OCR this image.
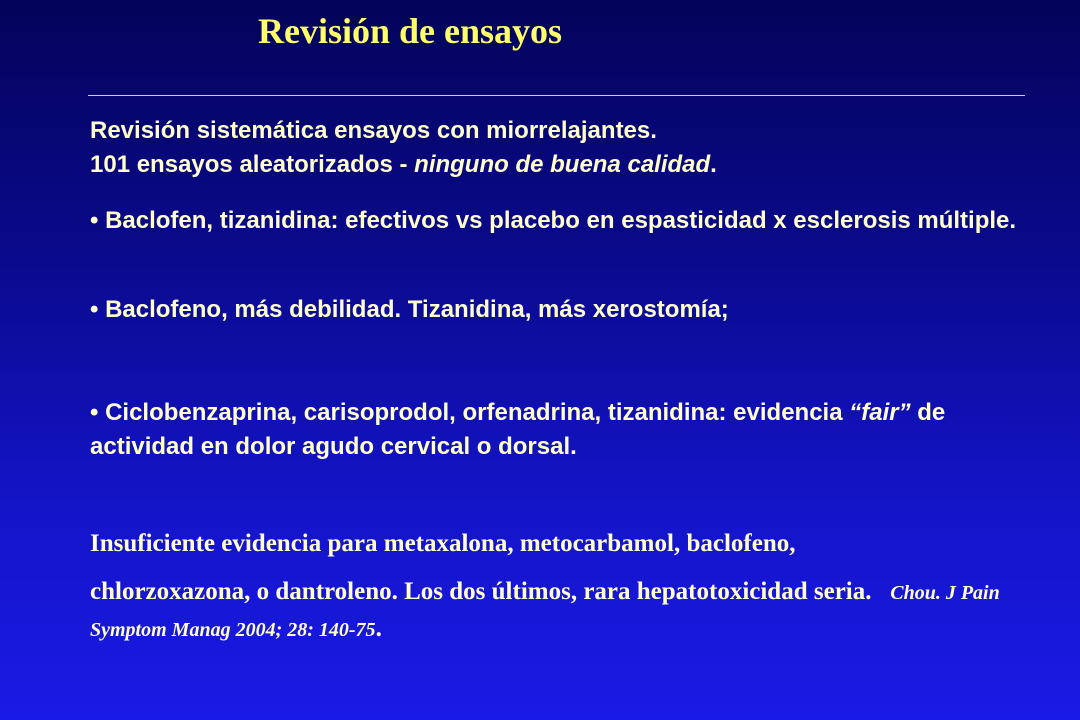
Revisión de ensayos
Revisión sistemática ensayos con miorrelajantes.
101 ensayos aleatorizados - ninguno de buena calidad.
• Baclofen, tizanidina: efectivos vs placebo en espasticidad x esclerosis múltiple.
• Baclofeno, más debilidad. Tizanidina, más xerostomía;
• Ciclobenzaprina, carisoprodol, orfenadrina, tizanidina: evidencia “fair” de actividad en dolor agudo cervical o dorsal.
Insuficiente evidencia para metaxalona, metocarbamol, baclofeno,
chlorzoxazona, o dantroleno. Los dos últimos, rara hepatotoxicidad seria. Chou. J Pain Symptom Manag 2004; 28: 140-75.
